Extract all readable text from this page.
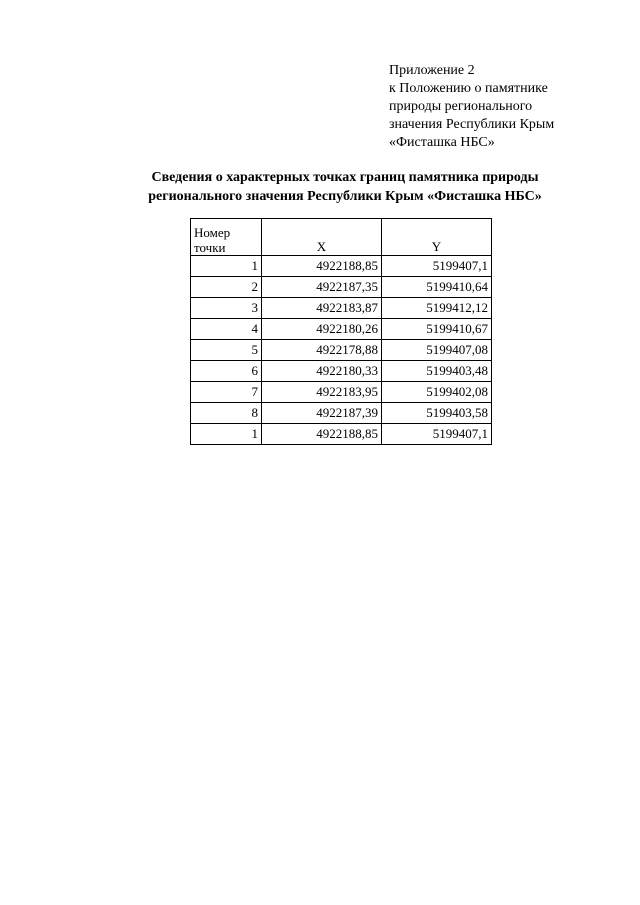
Приложение 2
к Положению о памятнике
природы регионального
значения Республики Крым
«Фисташка НБС»
Сведения о характерных точках границ памятника природы
регионального значения Республики Крым «Фисташка НБС»
Номер
точки	X	Y
1	4922188,85	5199407,1
2	4922187,35	5199410,64
3	4922183,87	5199412,12
4	4922180,26	5199410,67
5	4922178,88	5199407,08
6	4922180,33	5199403,48
7	4922183,95	5199402,08
8	4922187,39	5199403,58
1	4922188,85	5199407,1
